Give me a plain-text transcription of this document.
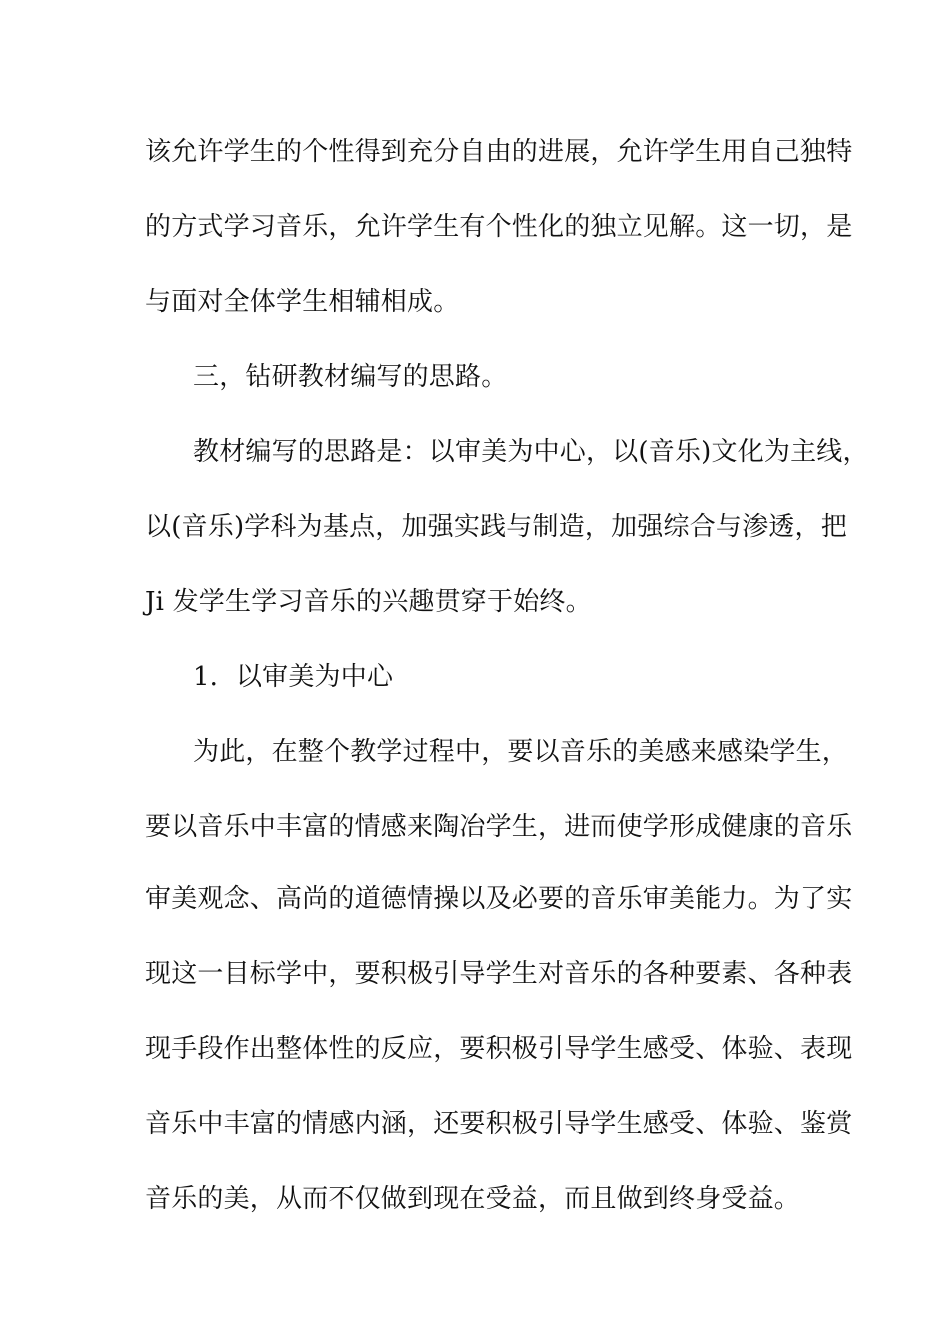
该允许学生的个性得到充分自由的进展，允许学生用自己独特
的方式学习音乐，允许学生有个性化的独立见解。这一切，是
与面对全体学生相辅相成。
三，钻研教材编写的思路。
教材编写的思路是：以审美为中心，以(音乐)文化为主线，
以(音乐)学科为基点，加强实践与制造，加强综合与渗透，把
Ji 发学生学习音乐的兴趣贯穿于始终。
1．以审美为中心
为此，在整个教学过程中，要以音乐的美感来感染学生，
要以音乐中丰富的情感来陶冶学生，进而使学形成健康的音乐
审美观念、高尚的道德情操以及必要的音乐审美能力。为了实
现这一目标学中，要积极引导学生对音乐的各种要素、各种表
现手段作出整体性的反应，要积极引导学生感受、体验、表现
音乐中丰富的情感内涵，还要积极引导学生感受、体验、鉴赏
音乐的美，从而不仅做到现在受益，而且做到终身受益。
